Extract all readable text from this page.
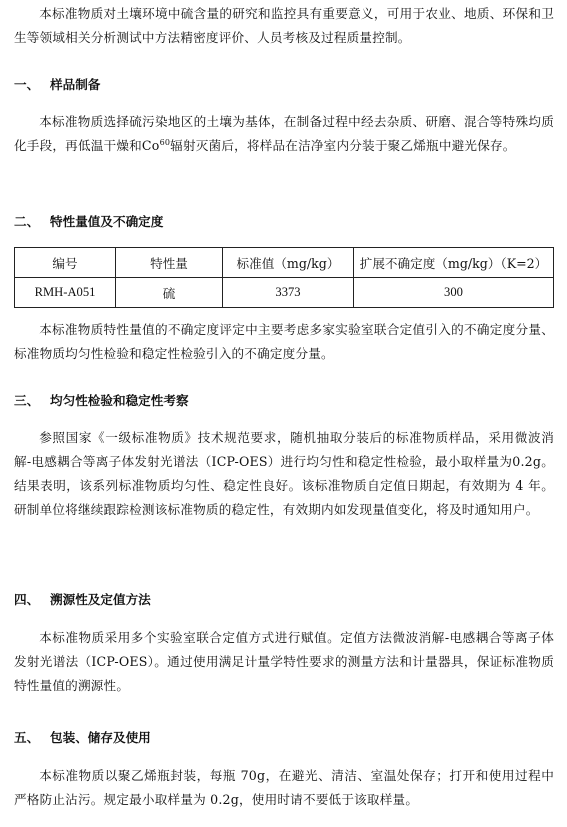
本标准物质对土壤环境中硫含量的研究和监控具有重要意义，可用于农业、地质、环保和卫生等领域相关分析测试中方法精密度评价、人员考核及过程质量控制。
一、 样品制备
本标准物质选择硫污染地区的土壤为基体，在制备过程中经去杂质、研磨、混合等特殊均质化手段，再低温干燥和Co$^{60}$辐射灭菌后，将样品在洁净室内分装于聚乙烯瓶中避光保存。
二、 特性量值及不确定度
编号	特性量	标准值（mg/kg）	扩展不确定度（mg/kg）（K=2）
RMH-A051	硫	3373	300
本标准物质特性量值的不确定度评定中主要考虑多家实验室联合定值引入的不确定度分量、标准物质均匀性检验和稳定性检验引入的不确定度分量。
三、 均匀性检验和稳定性考察
参照国家《一级标准物质》技术规范要求，随机抽取分装后的标准物质样品，采用微波消解-电感耦合等离子体发射光谱法（ICP-OES）进行均匀性和稳定性检验，最小取样量为0.2g。结果表明，该系列标准物质均匀性、稳定性良好。该标准物质自定值日期起，有效期为 4 年。研制单位将继续跟踪检测该标准物质的稳定性，有效期内如发现量值变化，将及时通知用户。
四、 溯源性及定值方法
本标准物质采用多个实验室联合定值方式进行赋值。定值方法微波消解-电感耦合等离子体发射光谱法（ICP-OES）。通过使用满足计量学特性要求的测量方法和计量器具，保证标准物质特性量值的溯源性。
五、 包装、储存及使用
本标准物质以聚乙烯瓶封装，每瓶 70g，在避光、清洁、室温处保存；打开和使用过程中严格防止沾污。规定最小取样量为 0.2g，使用时请不要低于该取样量。
